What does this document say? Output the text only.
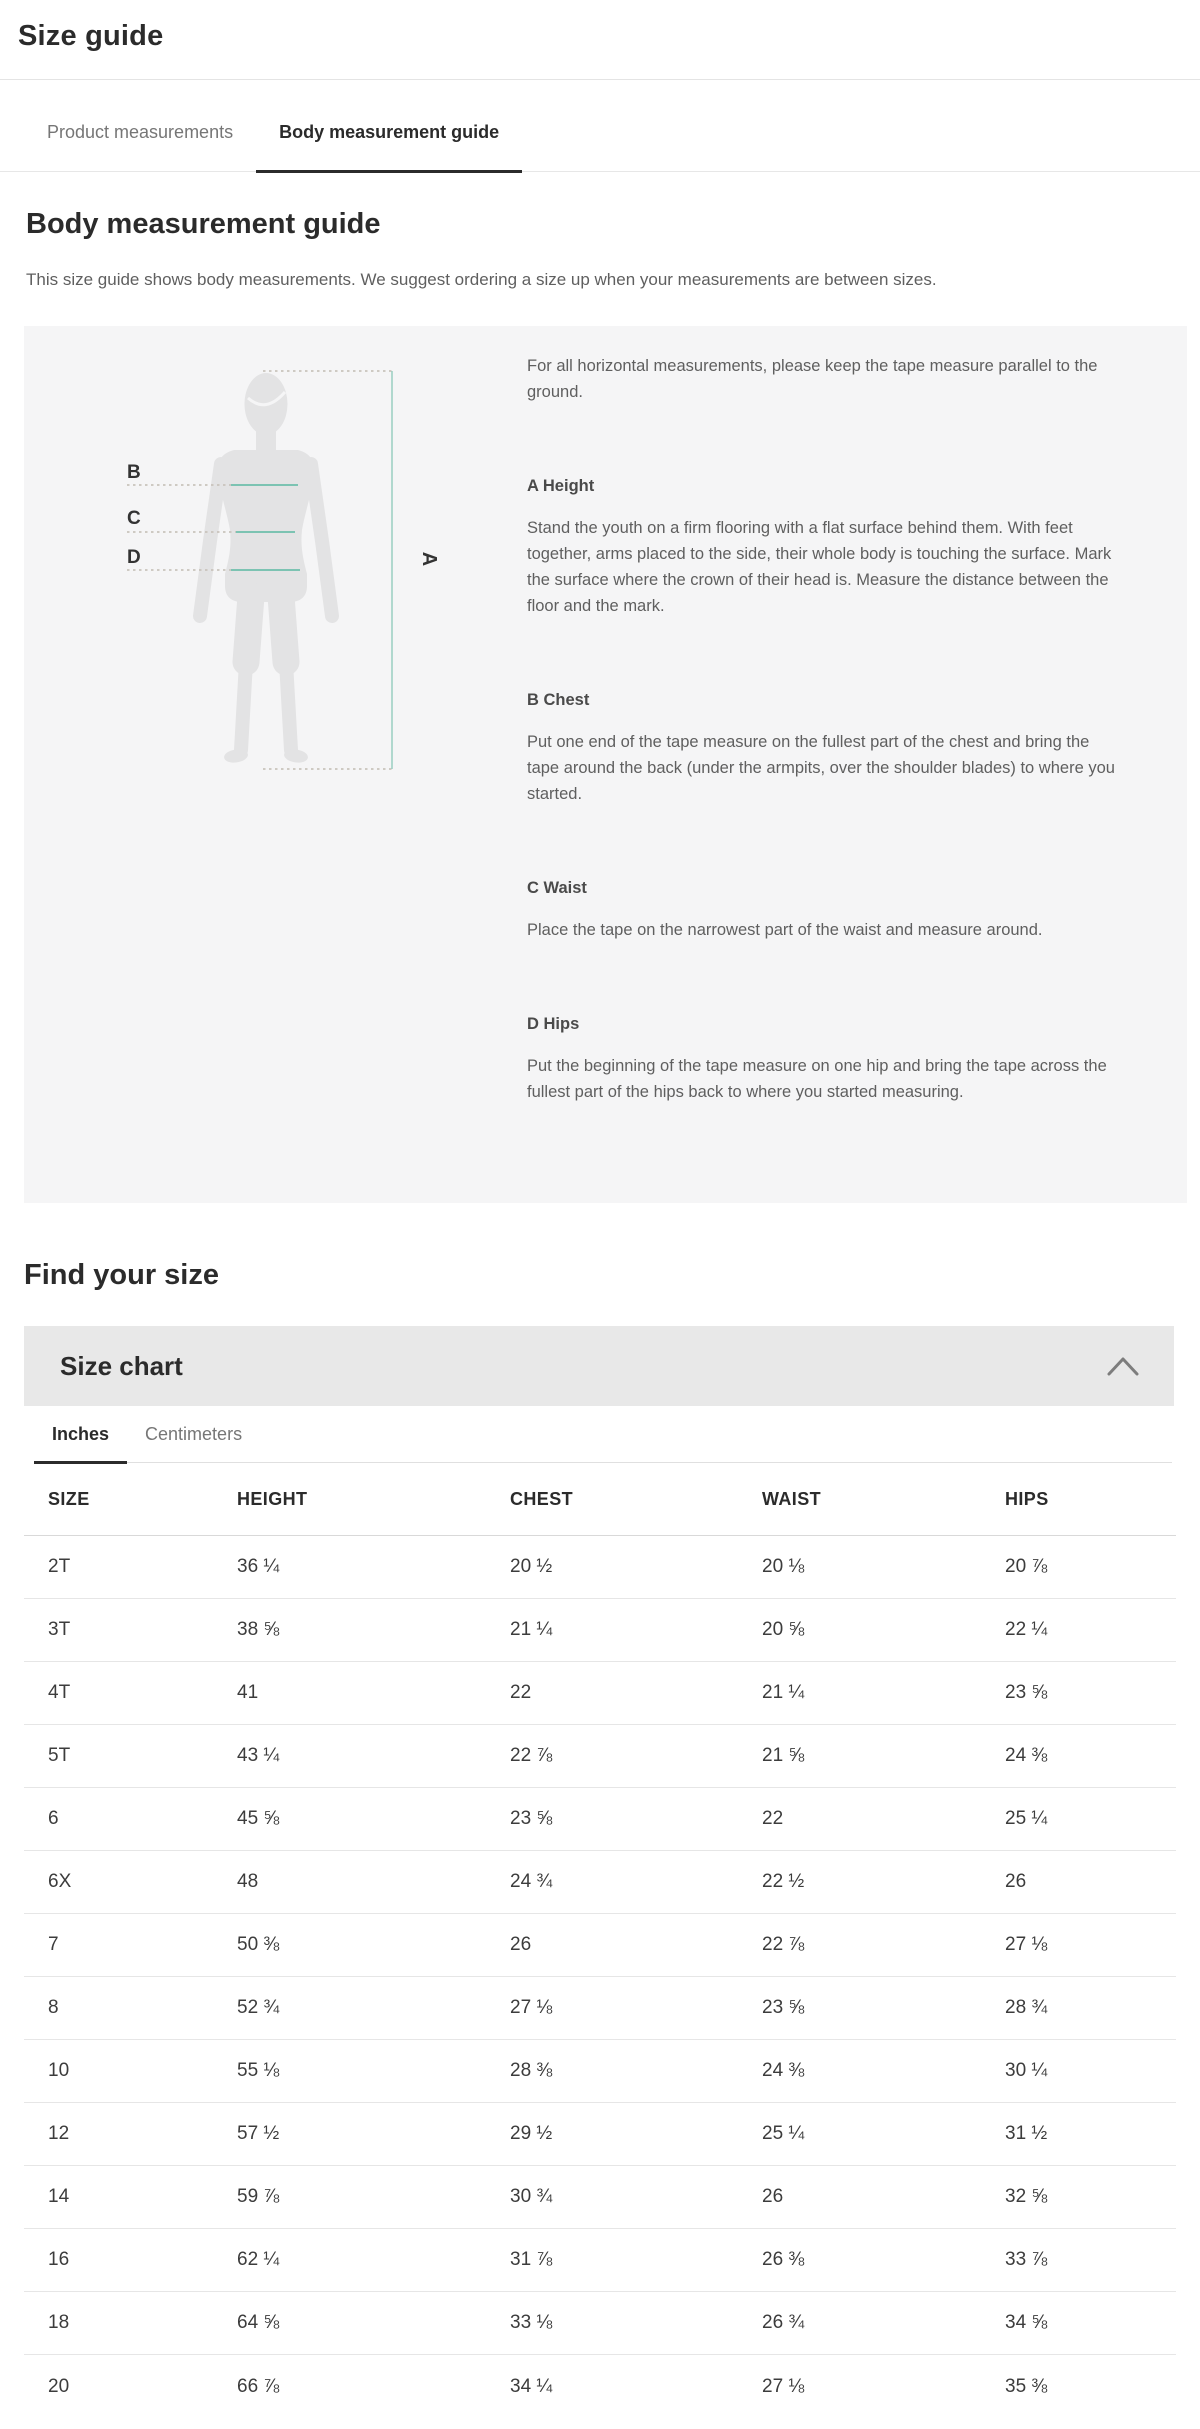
Size guide
Product measurements	Body measurement guide
Body measurement guide

This size guide shows body measurements. We suggest ordering a size up when your measurements are between sizes.

A
B
C
D

For all horizontal measurements, please keep the tape measure parallel to the ground.

A Height

Stand the youth on a firm flooring with a flat surface behind them. With feet together, arms placed to the side, their whole body is touching the surface. Mark the surface where the crown of their head is. Measure the distance between the floor and the mark.

B Chest

Put one end of the tape measure on the fullest part of the chest and bring the tape around the back (under the armpits, over the shoulder blades) to where you started.

C Waist

Place the tape on the narrowest part of the waist and measure around.

D Hips

Put the beginning of the tape measure on one hip and bring the tape across the fullest part of the hips back to where you started measuring.

Find your size
Size chart
Inches	Centimeters
SIZE	HEIGHT	CHEST	WAIST	HIPS
2T	36 ¼	20 ½	20 ⅛	20 ⅞
3T	38 ⅝	21 ¼	20 ⅝	22 ¼
4T	41	22	21 ¼	23 ⅝
5T	43 ¼	22 ⅞	21 ⅝	24 ⅜
6	45 ⅝	23 ⅝	22	25 ¼
6X	48	24 ¾	22 ½	26
7	50 ⅜	26	22 ⅞	27 ⅛
8	52 ¾	27 ⅛	23 ⅝	28 ¾
10	55 ⅛	28 ⅜	24 ⅜	30 ¼
12	57 ½	29 ½	25 ¼	31 ½
14	59 ⅞	30 ¾	26	32 ⅝
16	62 ¼	31 ⅞	26 ⅜	33 ⅞
18	64 ⅝	33 ⅛	26 ¾	34 ⅝
20	66 ⅞	34 ¼	27 ⅛	35 ⅜
